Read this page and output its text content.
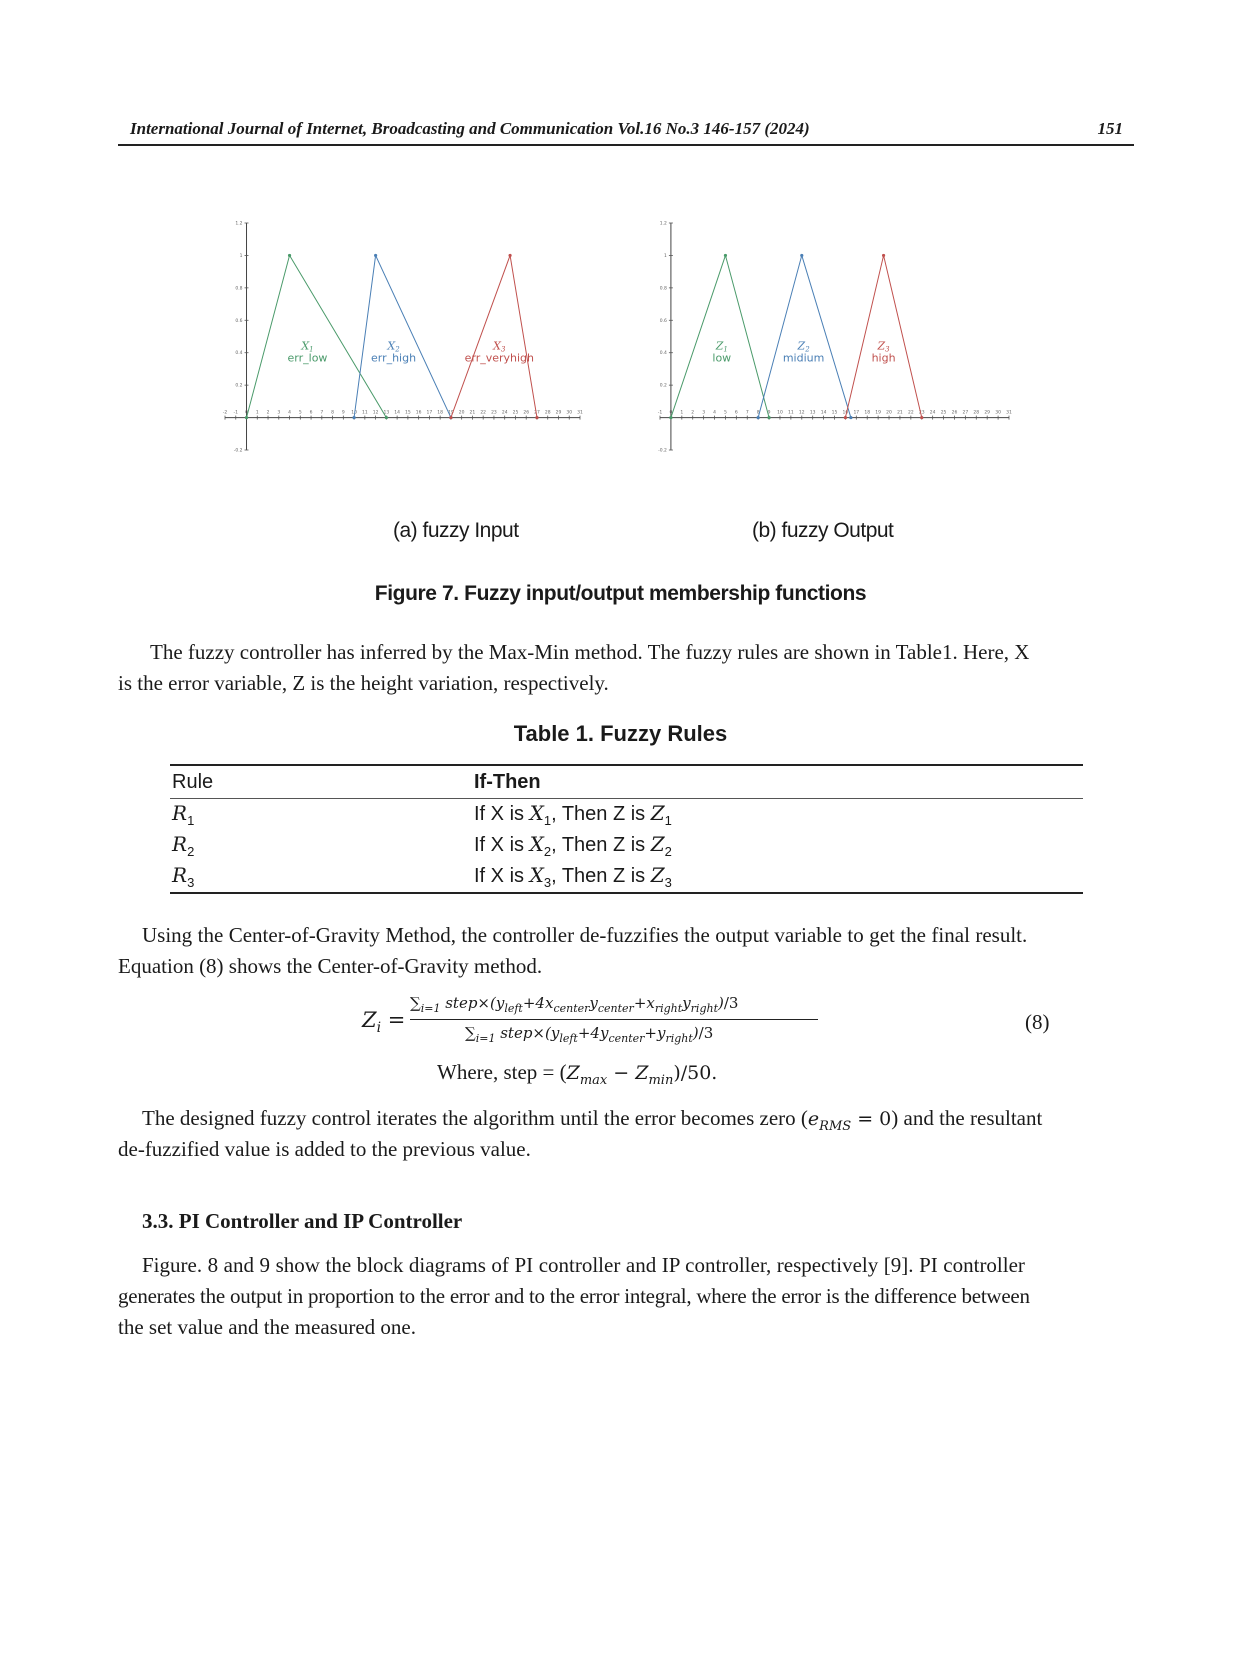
International Journal of Internet, Broadcasting and Communication Vol.16 No.3 146-157 (2024)	151
-2 -1 0 1 2 3 4 5 6 7 8 9 10 11 12 13 14 15 16 17 18 19 20 21 22 23 24 25 26 27 28 29 30 31
-0.2
0.2
0.4
0.6
0.8
1
1.2
X1
err_low
X2
err_high
X3
err_veryhigh
-1 0 1 2 3 4 5 6 7 8 9 10 11 12 13 14 15 16 17 18 19 20 21 22 23 24 25 26 27 28 29 30 31
-0.2
0.2
0.4
0.6
0.8
1
1.2
Z1
low
Z2
midium
Z3
high
(a) fuzzy Input	(b) fuzzy Output
Figure 7. Fuzzy input/output membership functions
The fuzzy controller has inferred by the Max-Min method. The fuzzy rules are shown in Table1. Here, X
is the error variable, Z is the height variation, respectively.
Table 1. Fuzzy Rules
Rule	If-Then
$R_1$	If X is $X_1$, Then Z is $Z_1$
$R_2$	If X is $X_2$, Then Z is $Z_2$
$R_3$	If X is $X_3$, Then Z is $Z_3$
Using the Center-of-Gravity Method, the controller de-fuzzifies the output variable to get the final result.
Equation (8) shows the Center-of-Gravity method.
$Z_i$ =
$\sum_{i=1}$ $step\times(y_{left}+4x_{center}y_{center}+x_{right}y_{right})/3$
$\sum_{i=1}$ $step\times(y_{left}+4y_{center}+y_{right})/3$	(8)
Where, step = $(Z_{max} - Z_{min})/50$.
The designed fuzzy control iterates the algorithm until the error becomes zero $(e_{RMS} = 0)$ and the resultant
de-fuzzified value is added to the previous value.
3.3. PI Controller and IP Controller
Figure. 8 and 9 show the block diagrams of PI controller and IP controller, respectively [9]. PI controller
generates the output in proportion to the error and to the error integral, where the error is the difference between
the set value and the measured one.
